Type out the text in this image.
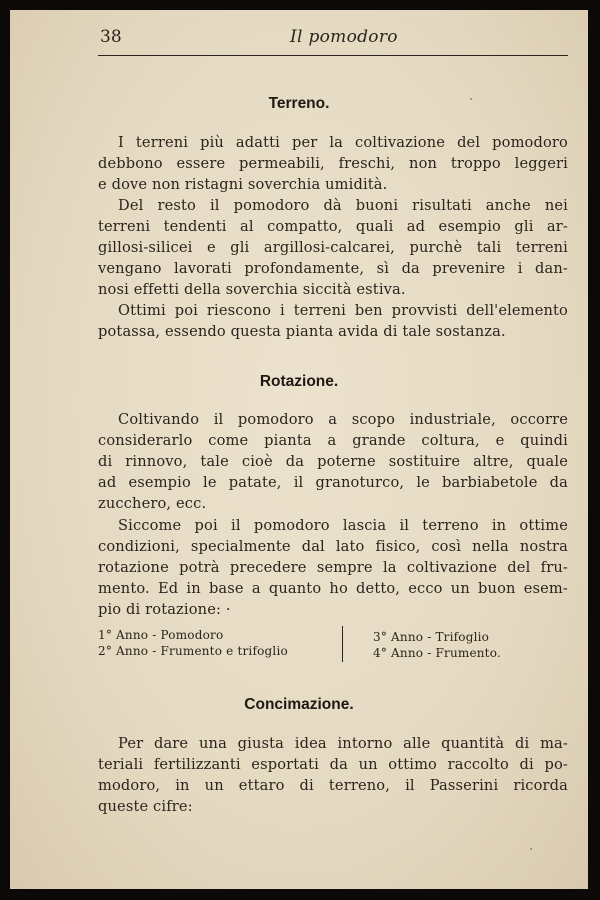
38	Il pomodoro
Terreno.
I terreni più adatti per la coltivazione del pomodoro
debbono essere permeabili, freschi, non troppo leggeri
e dove non ristagni soverchia umidità.
Del resto il pomodoro dà buoni risultati anche nei
terreni tendenti al compatto, quali ad esempio gli ar-
gillosi-silicei e gli argillosi-calcarei, purchè tali terreni
vengano lavorati profondamente, sì da prevenire i dan-
nosi effetti della soverchia siccità estiva.
Ottimi poi riescono i terreni ben provvisti dell'elemento
potassa, essendo questa pianta avida di tale sostanza.
Rotazione.
Coltivando il pomodoro a scopo industriale, occorre
considerarlo come pianta a grande coltura, e quindi
di rinnovo, tale cioè da poterne sostituire altre, quale
ad esempio le patate, il granoturco, le barbiabetole da
zucchero, ecc.
Siccome poi il pomodoro lascia il terreno in ottime
condizioni, specialmente dal lato fisico, così nella nostra
rotazione potrà precedere sempre la coltivazione del fru-
mento. Ed in base a quanto ho detto, ecco un buon esem-
pio di rotazione: ·
1° Anno - Pomodoro
2° Anno - Frumento e trifoglio
3° Anno - Trifoglio
4° Anno - Frumento.
Concimazione.
Per dare una giusta idea intorno alle quantità di ma-
teriali fertilizzanti esportati da un ottimo raccolto di po-
modoro, in un ettaro di terreno, il Passerini ricorda
queste cifre:
